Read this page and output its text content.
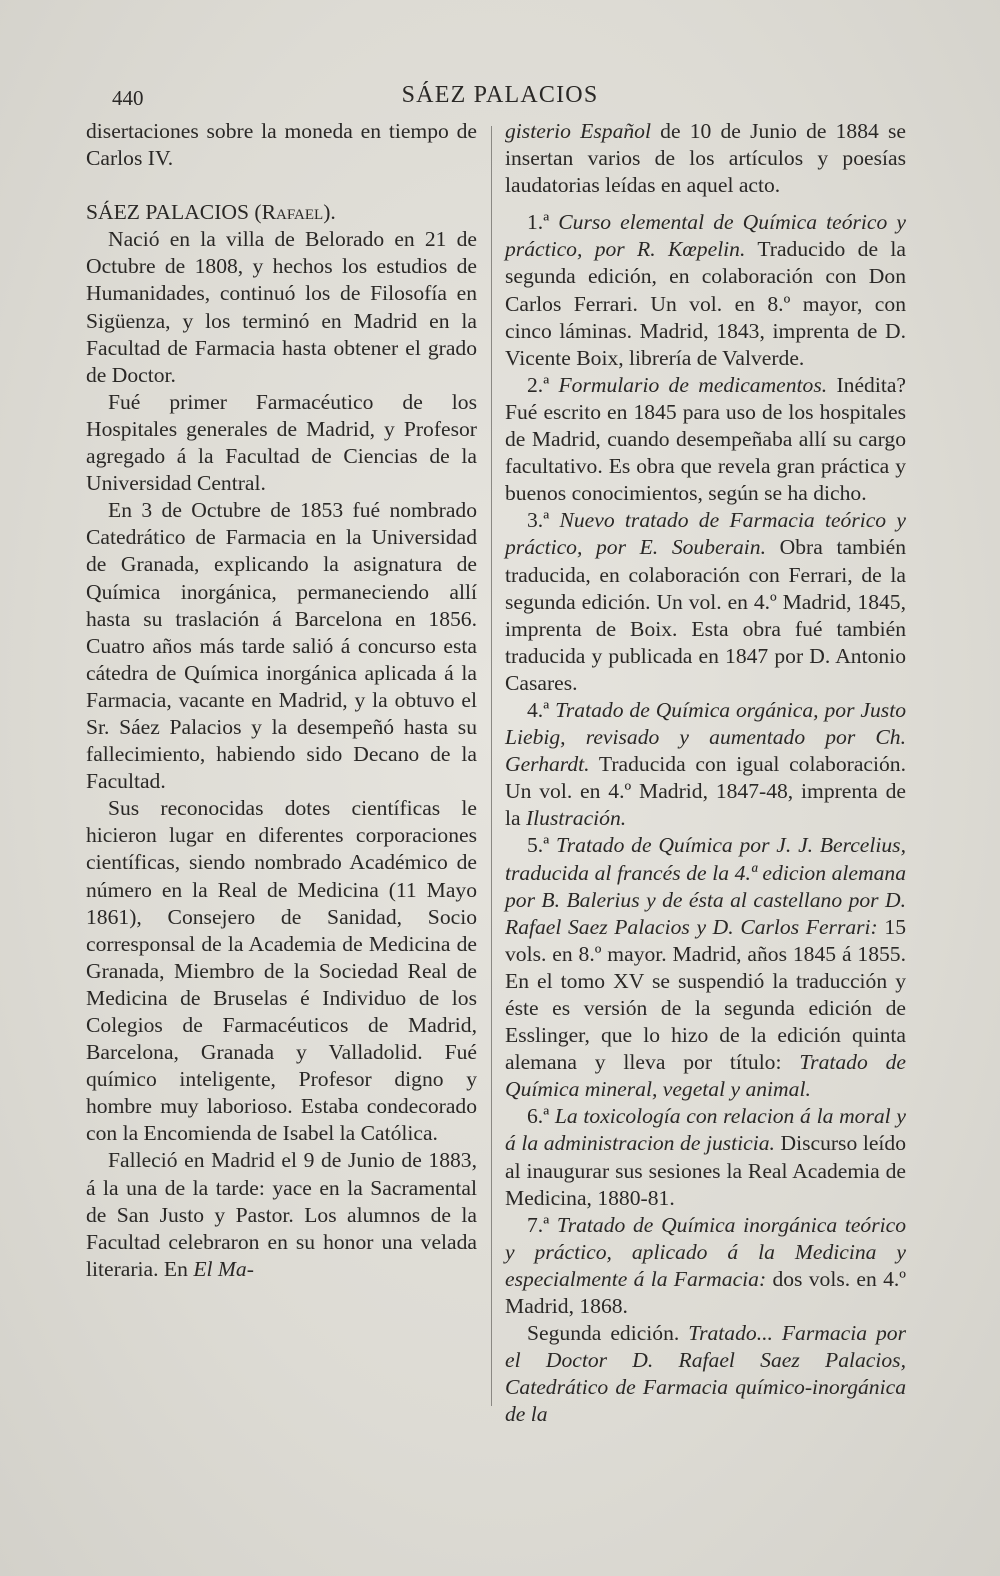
440	SÁEZ PALACIOS

disertaciones sobre la moneda en tiempo de Carlos IV.

SÁEZ PALACIOS (Rafael).

Nació en la villa de Belorado en 21 de Octubre de 1808, y hechos los estudios de Humanidades, continuó los de Filosofía en Sigüenza, y los terminó en Madrid en la Facultad de Farmacia hasta obtener el grado de Doctor.

Fué primer Farmacéutico de los Hospitales generales de Madrid, y Profesor agregado á la Facultad de Ciencias de la Universidad Central.

En 3 de Octubre de 1853 fué nombrado Catedrático de Farmacia en la Universidad de Granada, explicando la asignatura de Química inorgánica, permaneciendo allí hasta su traslación á Barcelona en 1856. Cuatro años más tarde salió á concurso esta cátedra de Química inorgánica aplicada á la Farmacia, vacante en Madrid, y la obtuvo el Sr. Sáez Palacios y la desempeñó hasta su fallecimiento, habiendo sido Decano de la Facultad.

Sus reconocidas dotes científicas le hicieron lugar en diferentes corporaciones científicas, siendo nombrado Académico de número en la Real de Medicina (11 Mayo 1861), Consejero de Sanidad, Socio corresponsal de la Academia de Medicina de Granada, Miembro de la Sociedad Real de Medicina de Bruselas é Individuo de los Colegios de Farmacéuticos de Madrid, Barcelona, Granada y Valladolid. Fué químico inteligente, Profesor digno y hombre muy laborioso. Estaba condecorado con la Encomienda de Isabel la Católica.

Falleció en Madrid el 9 de Junio de 1883, á la una de la tarde: yace en la Sacramental de San Justo y Pastor. Los alumnos de la Facultad celebraron en su honor una velada literaria. En El Ma-

gisterio Español de 10 de Junio de 1884 se insertan varios de los artículos y poesías laudatorias leídas en aquel acto.

1.ª Curso elemental de Química teórico y práctico, por R. Kœpelin. Traducido de la segunda edición, en colaboración con Don Carlos Ferrari. Un vol. en 8.º mayor, con cinco láminas. Madrid, 1843, imprenta de D. Vicente Boix, librería de Valverde.

2.ª Formulario de medicamentos. Inédita? Fué escrito en 1845 para uso de los hospitales de Madrid, cuando desempeñaba allí su cargo facultativo. Es obra que revela gran práctica y buenos conocimientos, según se ha dicho.

3.ª Nuevo tratado de Farmacia teórico y práctico, por E. Souberain. Obra también traducida, en colaboración con Ferrari, de la segunda edición. Un vol. en 4.º Madrid, 1845, imprenta de Boix. Esta obra fué también traducida y publicada en 1847 por D. Antonio Casares.

4.ª Tratado de Química orgánica, por Justo Liebig, revisado y aumentado por Ch. Gerhardt. Traducida con igual colaboración. Un vol. en 4.º Madrid, 1847-48, imprenta de la Ilustración.

5.ª Tratado de Química por J. J. Bercelius, traducida al francés de la 4.ª edicion alemana por B. Balerius y de ésta al castellano por D. Rafael Saez Palacios y D. Carlos Ferrari: 15 vols. en 8.º mayor. Madrid, años 1845 á 1855. En el tomo XV se suspendió la traducción y éste es versión de la segunda edición de Esslinger, que lo hizo de la edición quinta alemana y lleva por título: Tratado de Química mineral, vegetal y animal.

6.ª La toxicología con relacion á la moral y á la administracion de justicia. Discurso leído al inaugurar sus sesiones la Real Academia de Medicina, 1880-81.

7.ª Tratado de Química inorgánica teórico y práctico, aplicado á la Medicina y especialmente á la Farmacia: dos vols. en 4.º Madrid, 1868.

Segunda edición. Tratado... Farmacia por el Doctor D. Rafael Saez Palacios, Catedrático de Farmacia químico-inorgánica de la
